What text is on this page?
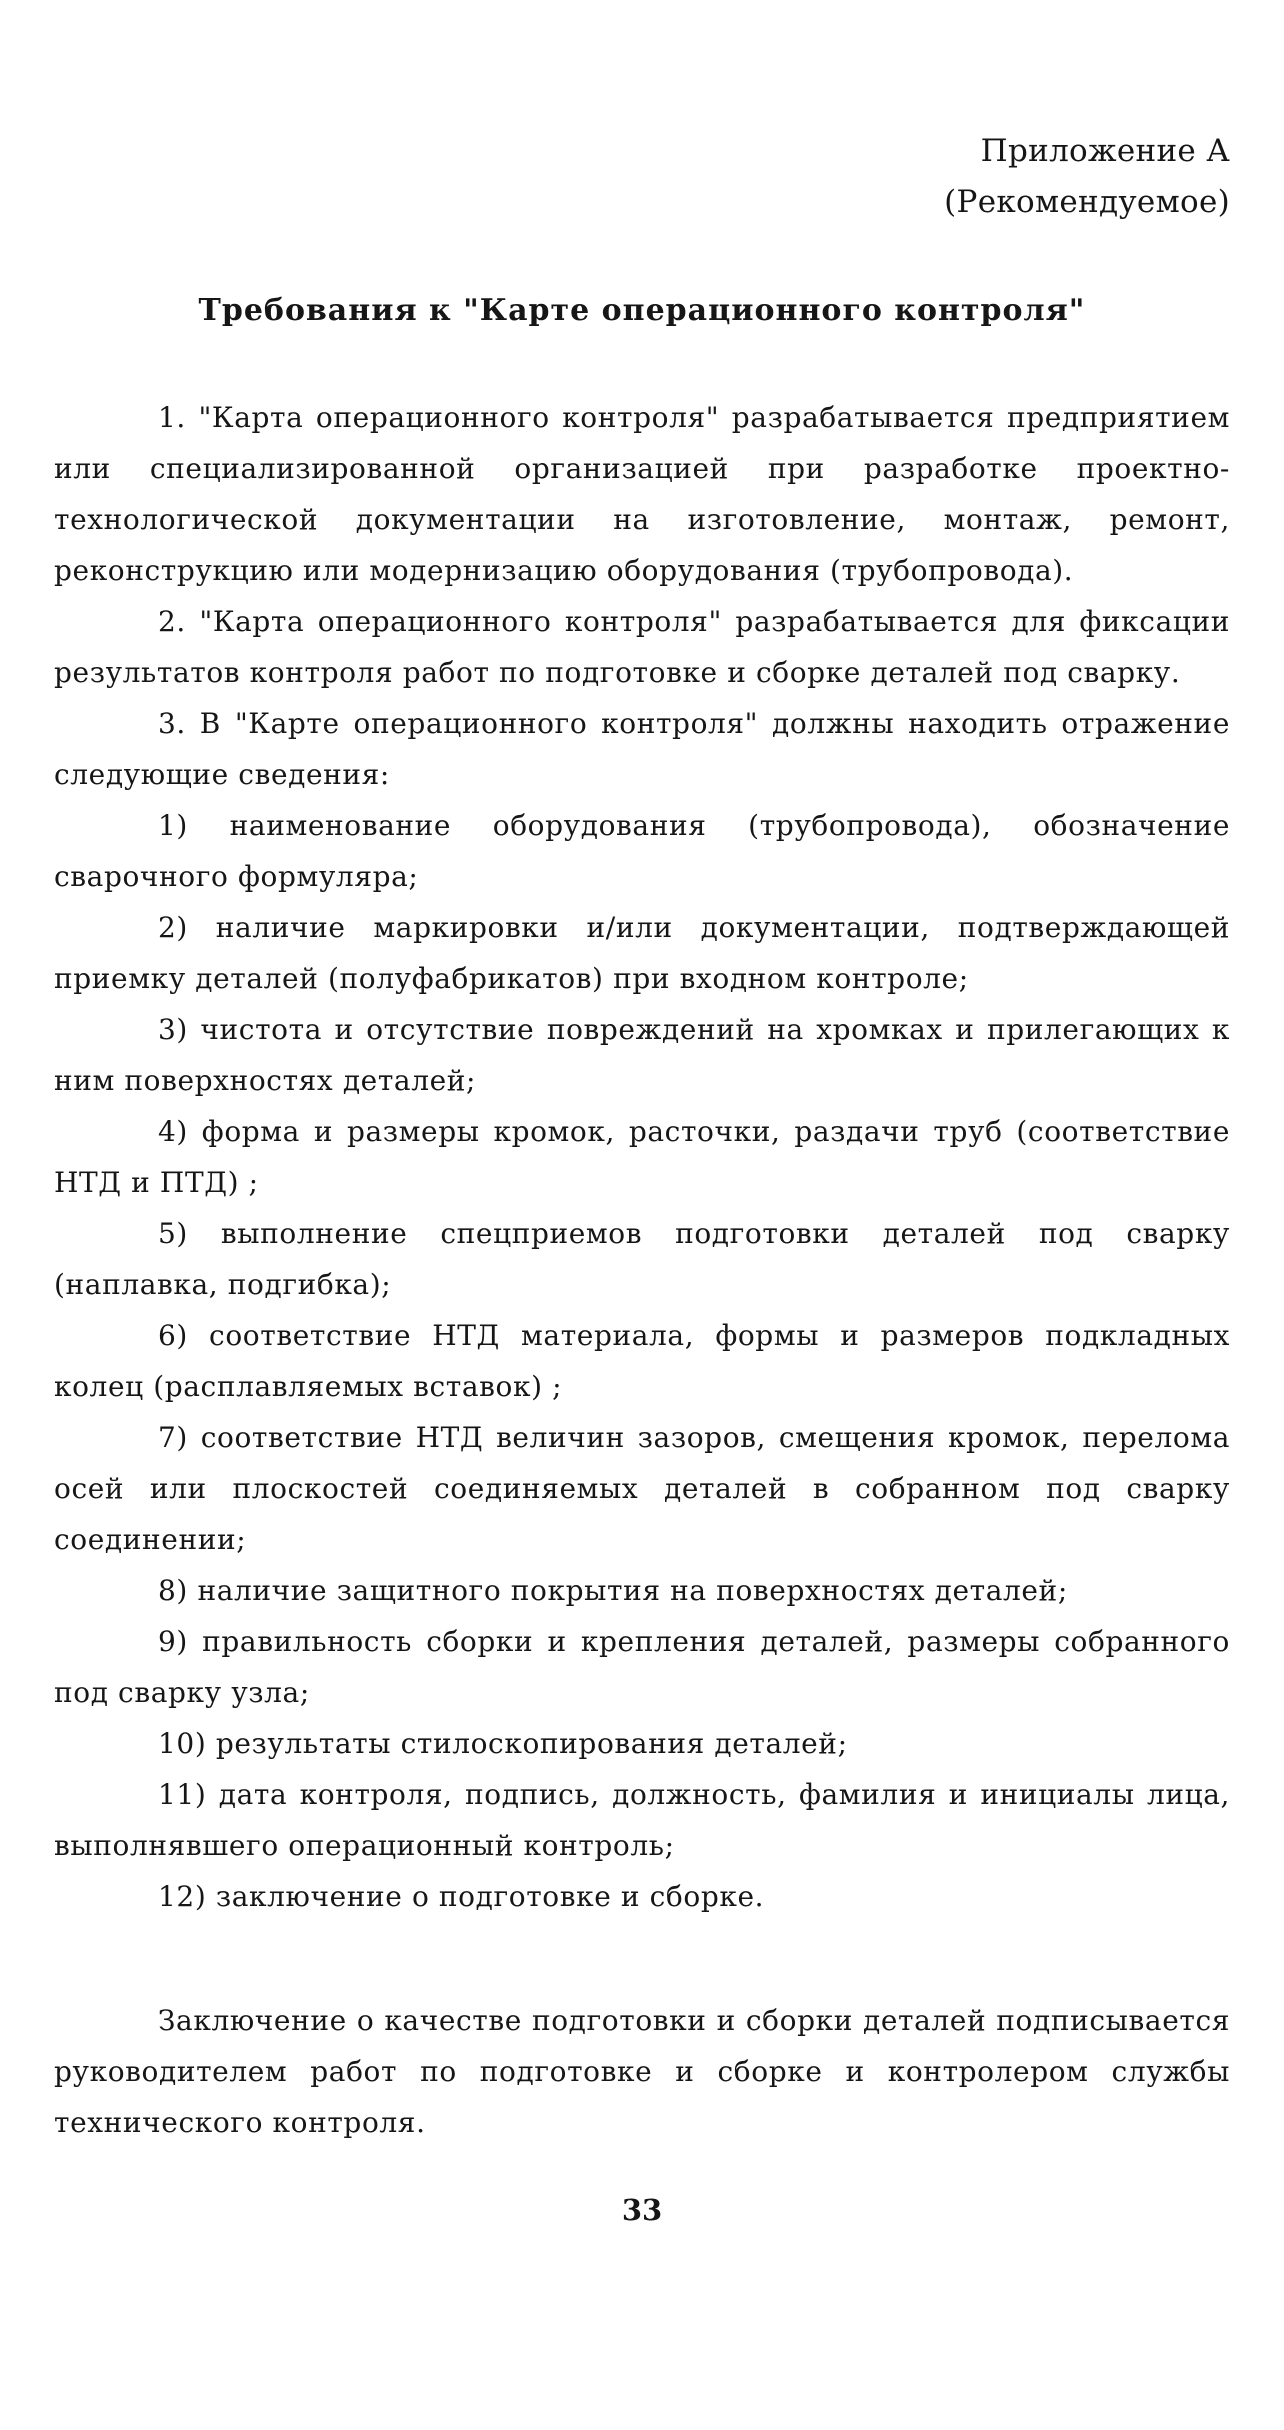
Приложение А
(Рекомендуемое)
Требования к "Карте операционного контроля"

1. "Карта операционного контроля" разрабатывается предприятием или специализированной организацией при разработке проектно-технологической документации на изготовление, монтаж, ремонт, реконструкцию или модернизацию оборудования (трубопровода).

2. "Карта операционного контроля" разрабатывается для фиксации результатов контроля работ по подготовке и сборке деталей под сварку.

3. В "Карте операционного контроля" должны находить отражение следующие сведения:

1) наименование оборудования (трубопровода), обозначение сварочного формуляра;

2) наличие маркировки и/или документации, подтверждающей приемку деталей (полуфабрикатов) при входном контроле;

3) чистота и отсутствие повреждений на хромках и прилегающих к ним поверхностях деталей;

4) форма и размеры кромок, расточки, раздачи труб (соответствие НТД и ПТД) ;

5) выполнение спецприемов подготовки деталей под сварку (наплавка, подгибка);

6) соответствие НТД материала, формы и размеров подкладных колец (расплавляемых вставок) ;

7) соответствие НТД величин зазоров, смещения кромок, перелома осей или плоскостей соединяемых деталей в собранном под сварку соединении;

8) наличие защитного покрытия на поверхностях деталей;

9) правильность сборки и крепления деталей, размеры собранного под сварку узла;

10) результаты стилоскопирования деталей;

11) дата контроля, подпись, должность, фамилия и инициалы лица, выполнявшего операционный контроль;

12) заключение о подготовке и сборке.

Заключение о качестве подготовки и сборки деталей подписывается руководителем работ по подготовке и сборке и контролером службы технического контроля.
33
